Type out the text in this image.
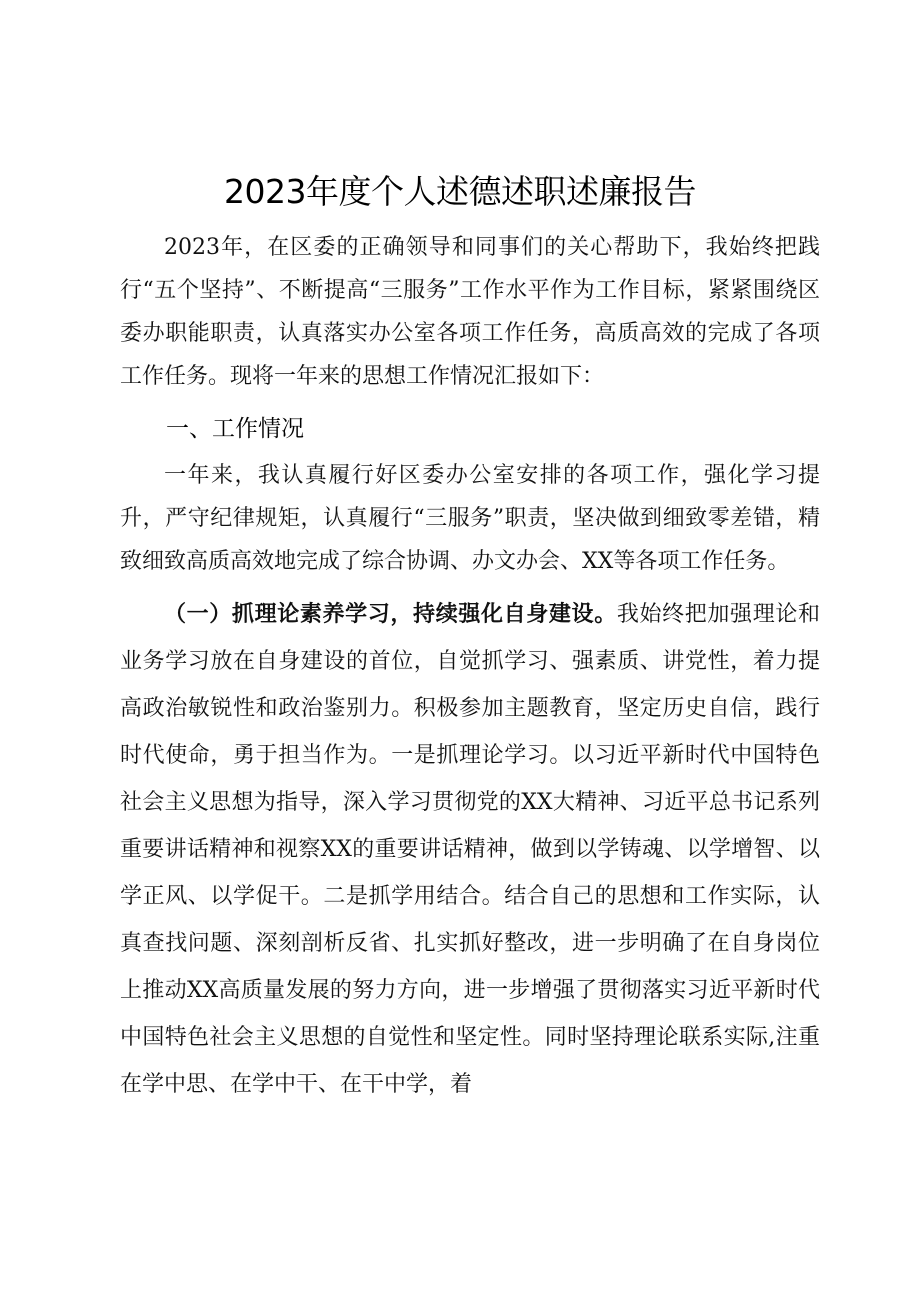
2023年度个人述德述职述廉报告

2023年，在区委的正确领导和同事们的关心帮助下，我始终把践行“五个坚持”、不断提高“三服务”工作水平作为工作目标，紧紧围绕区委办职能职责，认真落实办公室各项工作任务，高质高效的完成了各项工作任务。现将一年来的思想工作情况汇报如下：

一、工作情况

一年来，我认真履行好区委办公室安排的各项工作，强化学习提升，严守纪律规矩，认真履行“三服务”职责，坚决做到细致零差错，精致细致高质高效地完成了综合协调、办文办会、XX等各项工作任务。

（一）抓理论素养学习，持续强化自身建设。我始终把加强理论和业务学习放在自身建设的首位，自觉抓学习、强素质、讲党性，着力提高政治敏锐性和政治鉴别力。积极参加主题教育，坚定历史自信，践行时代使命，勇于担当作为。一是抓理论学习。以习近平新时代中国特色社会主义思想为指导，深入学习贯彻党的XX大精神、习近平总书记系列重要讲话精神和视察XX的重要讲话精神，做到以学铸魂、以学增智、以学正风、以学促干。二是抓学用结合。结合自己的思想和工作实际，认真查找问题、深刻剖析反省、扎实抓好整改，进一步明确了在自身岗位上推动XX高质量发展的努力方向，进一步增强了贯彻落实习近平新时代中国特色社会主义思想的自觉性和坚定性。同时坚持理论联系实际,注重在学中思、在学中干、在干中学，着
